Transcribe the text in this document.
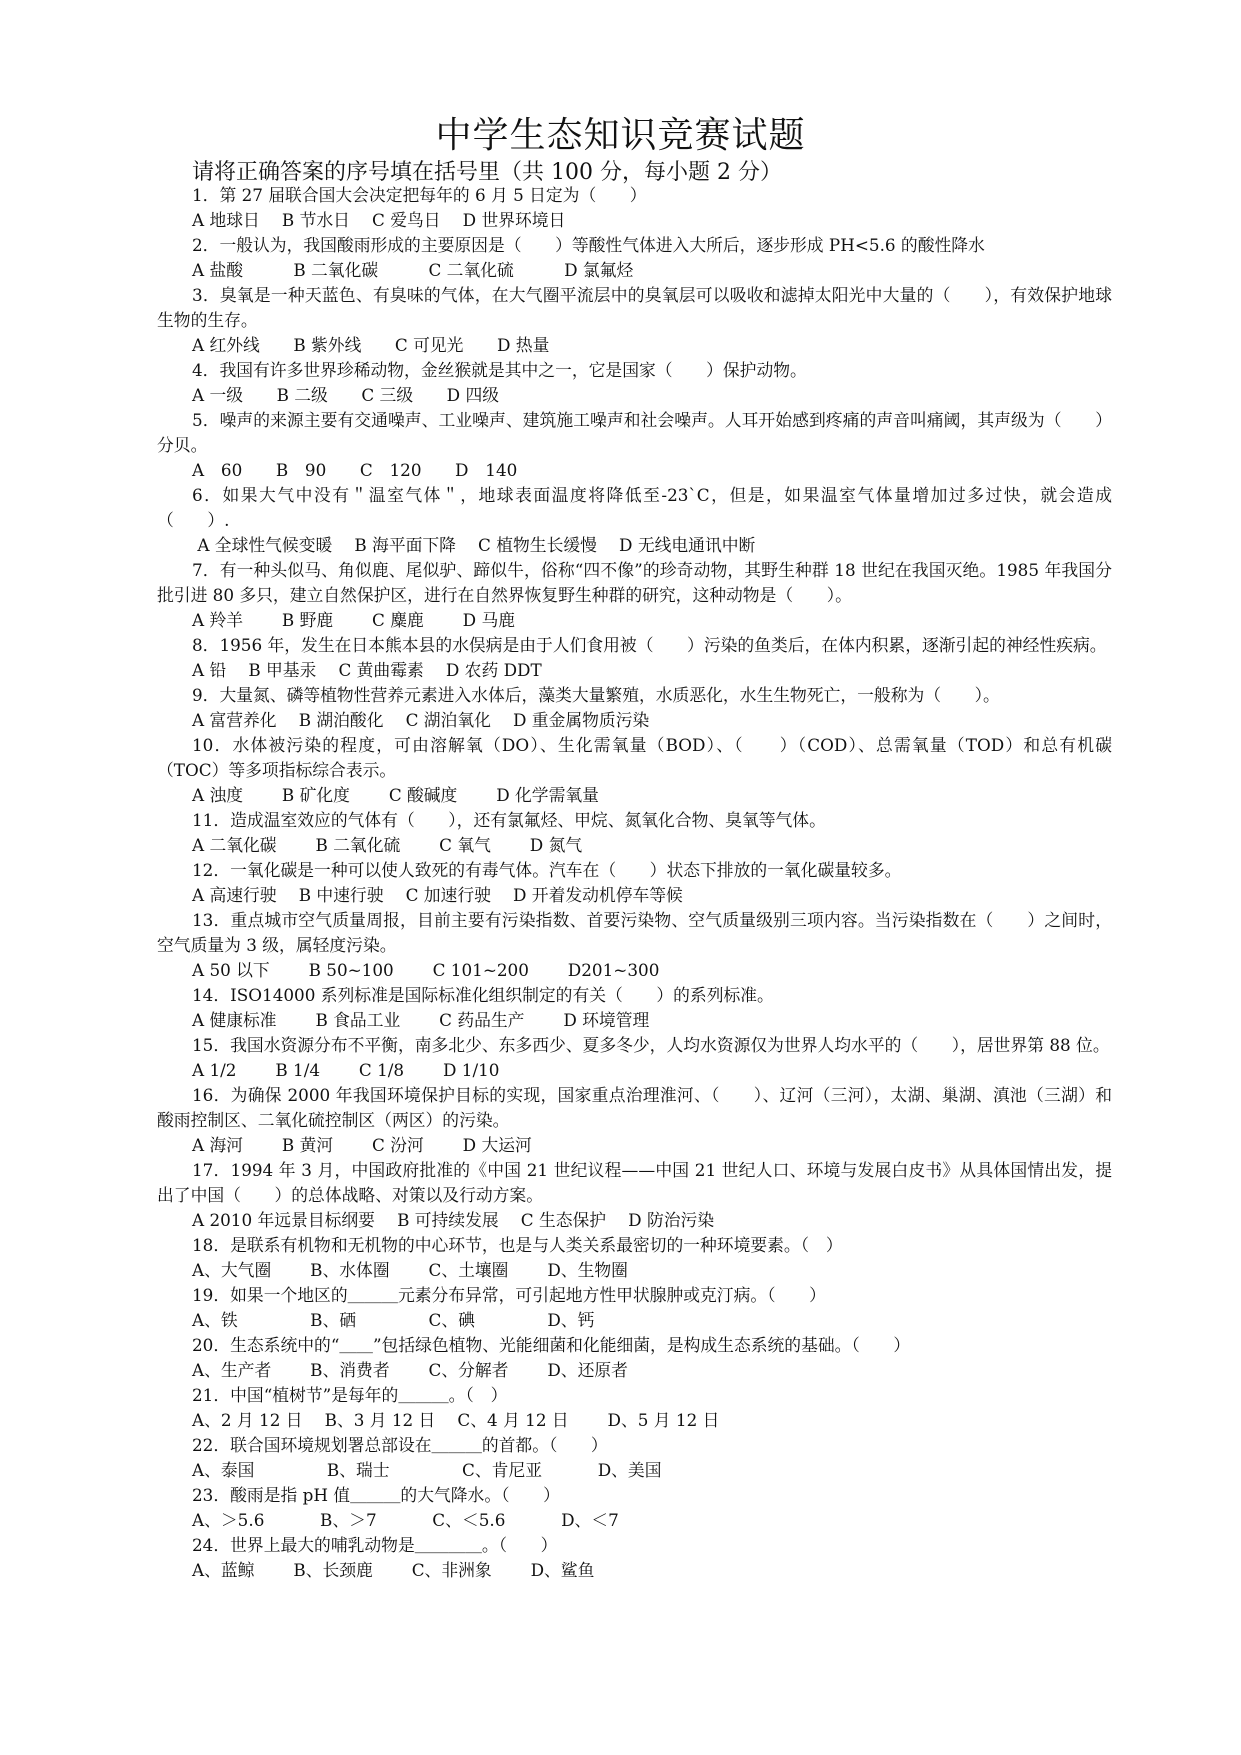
中学生态知识竞赛试题
请将正确答案的序号填在括号里（共 100 分，每小题 2 分）

1．第 27 届联合国大会决定把每年的 6 月 5 日定为（　　）

A 地球日　 B 节水日　 C 爱鸟日　 D 世界环境日

2．一般认为，我国酸雨形成的主要原因是（　　）等酸性气体进入大所后，逐步形成 PH<5.6 的酸性降水

A 盐酸　　　B 二氧化碳　　　C 二氧化硫　　　D 氯氟烃

3．臭氧是一种天蓝色、有臭味的气体，在大气圈平流层中的臭氧层可以吸收和滤掉太阳光中大量的（　　），有效保护地球生物的生存。

A 红外线　　B 紫外线　　C 可见光　　D 热量

4．我国有许多世界珍稀动物，金丝猴就是其中之一，它是国家（　　）保护动物。

A 一级　　B 二级　　C 三级　　D 四级

5．噪声的来源主要有交通噪声、工业噪声、建筑施工噪声和社会噪声。人耳开始感到疼痛的声音叫痛阈，其声级为（　　）分贝。

A　60　　B　90　　C　120　　D　140

6．如果大气中没有＂温室气体＂，地球表面温度将降低至-23`C，但是，如果温室气体量增加过多过快，就会造成（　　）.

A 全球性气候变暖　 B 海平面下降　 C 植物生长缓慢　 D 无线电通讯中断

7．有一种头似马、角似鹿、尾似驴、蹄似牛，俗称“四不像”的珍奇动物，其野生种群 18 世纪在我国灭绝。1985 年我国分批引进 80 多只，建立自然保护区，进行在自然界恢复野生种群的研究，这种动物是（　　）。

A 羚羊　　 B 野鹿　　 C 麋鹿　　 D 马鹿

8．1956 年，发生在日本熊本县的水俣病是由于人们食用被（　　）污染的鱼类后，在体内积累，逐渐引起的神经性疾病。

A 铅　 B 甲基汞　 C 黄曲霉素　 D 农药 DDT

9．大量氮、磷等植物性营养元素进入水体后，藻类大量繁殖，水质恶化，水生生物死亡，一般称为（　　）。

A 富营养化　 B 湖泊酸化　 C 湖泊氧化　 D 重金属物质污染

10．水体被污染的程度，可由溶解氧（DO）、生化需氧量（BOD）、（　　）（COD）、总需氧量（TOD）和总有机碳（TOC）等多项指标综合表示。

A 浊度　　 B 矿化度　　 C 酸碱度　　 D 化学需氧量

11．造成温室效应的气体有（　　），还有氯氟烃、甲烷、氮氧化合物、臭氧等气体。

A 二氧化碳　　 B 二氧化硫　　 C 氧气　　 D 氮气

12．一氧化碳是一种可以使人致死的有毒气体。汽车在（　　）状态下排放的一氧化碳量较多。

A 高速行驶　 B 中速行驶　 C 加速行驶　 D 开着发动机停车等候

13．重点城市空气质量周报，目前主要有污染指数、首要污染物、空气质量级别三项内容。当污染指数在（　　）之间时，空气质量为 3 级，属轻度污染。

A 50 以下　　 B 50~100　　 C 101~200　　 D201~300

14．ISO14000 系列标准是国际标准化组织制定的有关（　　）的系列标准。

A 健康标准　　 B 食品工业　　 C 药品生产　　 D 环境管理

15．我国水资源分布不平衡，南多北少、东多西少、夏多冬少，人均水资源仅为世界人均水平的（　　），居世界第 88 位。

A 1/2　　 B 1/4　　 C 1/8　　 D 1/10

16．为确保 2000 年我国环境保护目标的实现，国家重点治理淮河、（　　）、辽河（三河），太湖、巢湖、滇池（三湖）和酸雨控制区、二氧化硫控制区（两区）的污染。

A 海河　　 B 黄河　　 C 汾河　　 D 大运河

17．1994 年 3 月，中国政府批准的《中国 21 世纪议程——中国 21 世纪人口、环境与发展白皮书》从具体国情出发，提出了中国（　　）的总体战略、对策以及行动方案。

A 2010 年远景目标纲要　 B 可持续发展　 C 生态保护　 D 防治污染

18．是联系有机物和无机物的中心环节，也是与人类关系最密切的一种环境要素。（　）

A、大气圈　　 B、水体圈　　 C、土壤圈　　 D、生物圈

19．如果一个地区的＿＿＿元素分布异常，可引起地方性甲状腺肿或克汀病。（　　）

A、铁　　　　 B、硒　　　　 C、碘　　　　 D、钙

20．生态系统中的“＿＿”包括绿色植物、光能细菌和化能细菌，是构成生态系统的基础。（　　）

A、生产者　　 B、消费者　　 C、分解者　　 D、还原者

21．中国“植树节”是每年的＿＿＿。（　）

A、2 月 12 日　 B、3 月 12 日　 C、4 月 12 日　　 D、5 月 12 日

22．联合国环境规划署总部设在＿＿＿的首都。（　　）

A、泰国　　　　 B、瑞士　　　　 C、肯尼亚　　　 D、美国

23．酸雨是指 pH 值＿＿＿的大气降水。（　　）

A、＞5.6　　　 B、＞7　　　 C、＜5.6　　　 D、＜7

24．世界上最大的哺乳动物是＿＿＿＿。（　　）

A、蓝鲸　　 B、长颈鹿　　 C、非洲象　　 D、鲨鱼
